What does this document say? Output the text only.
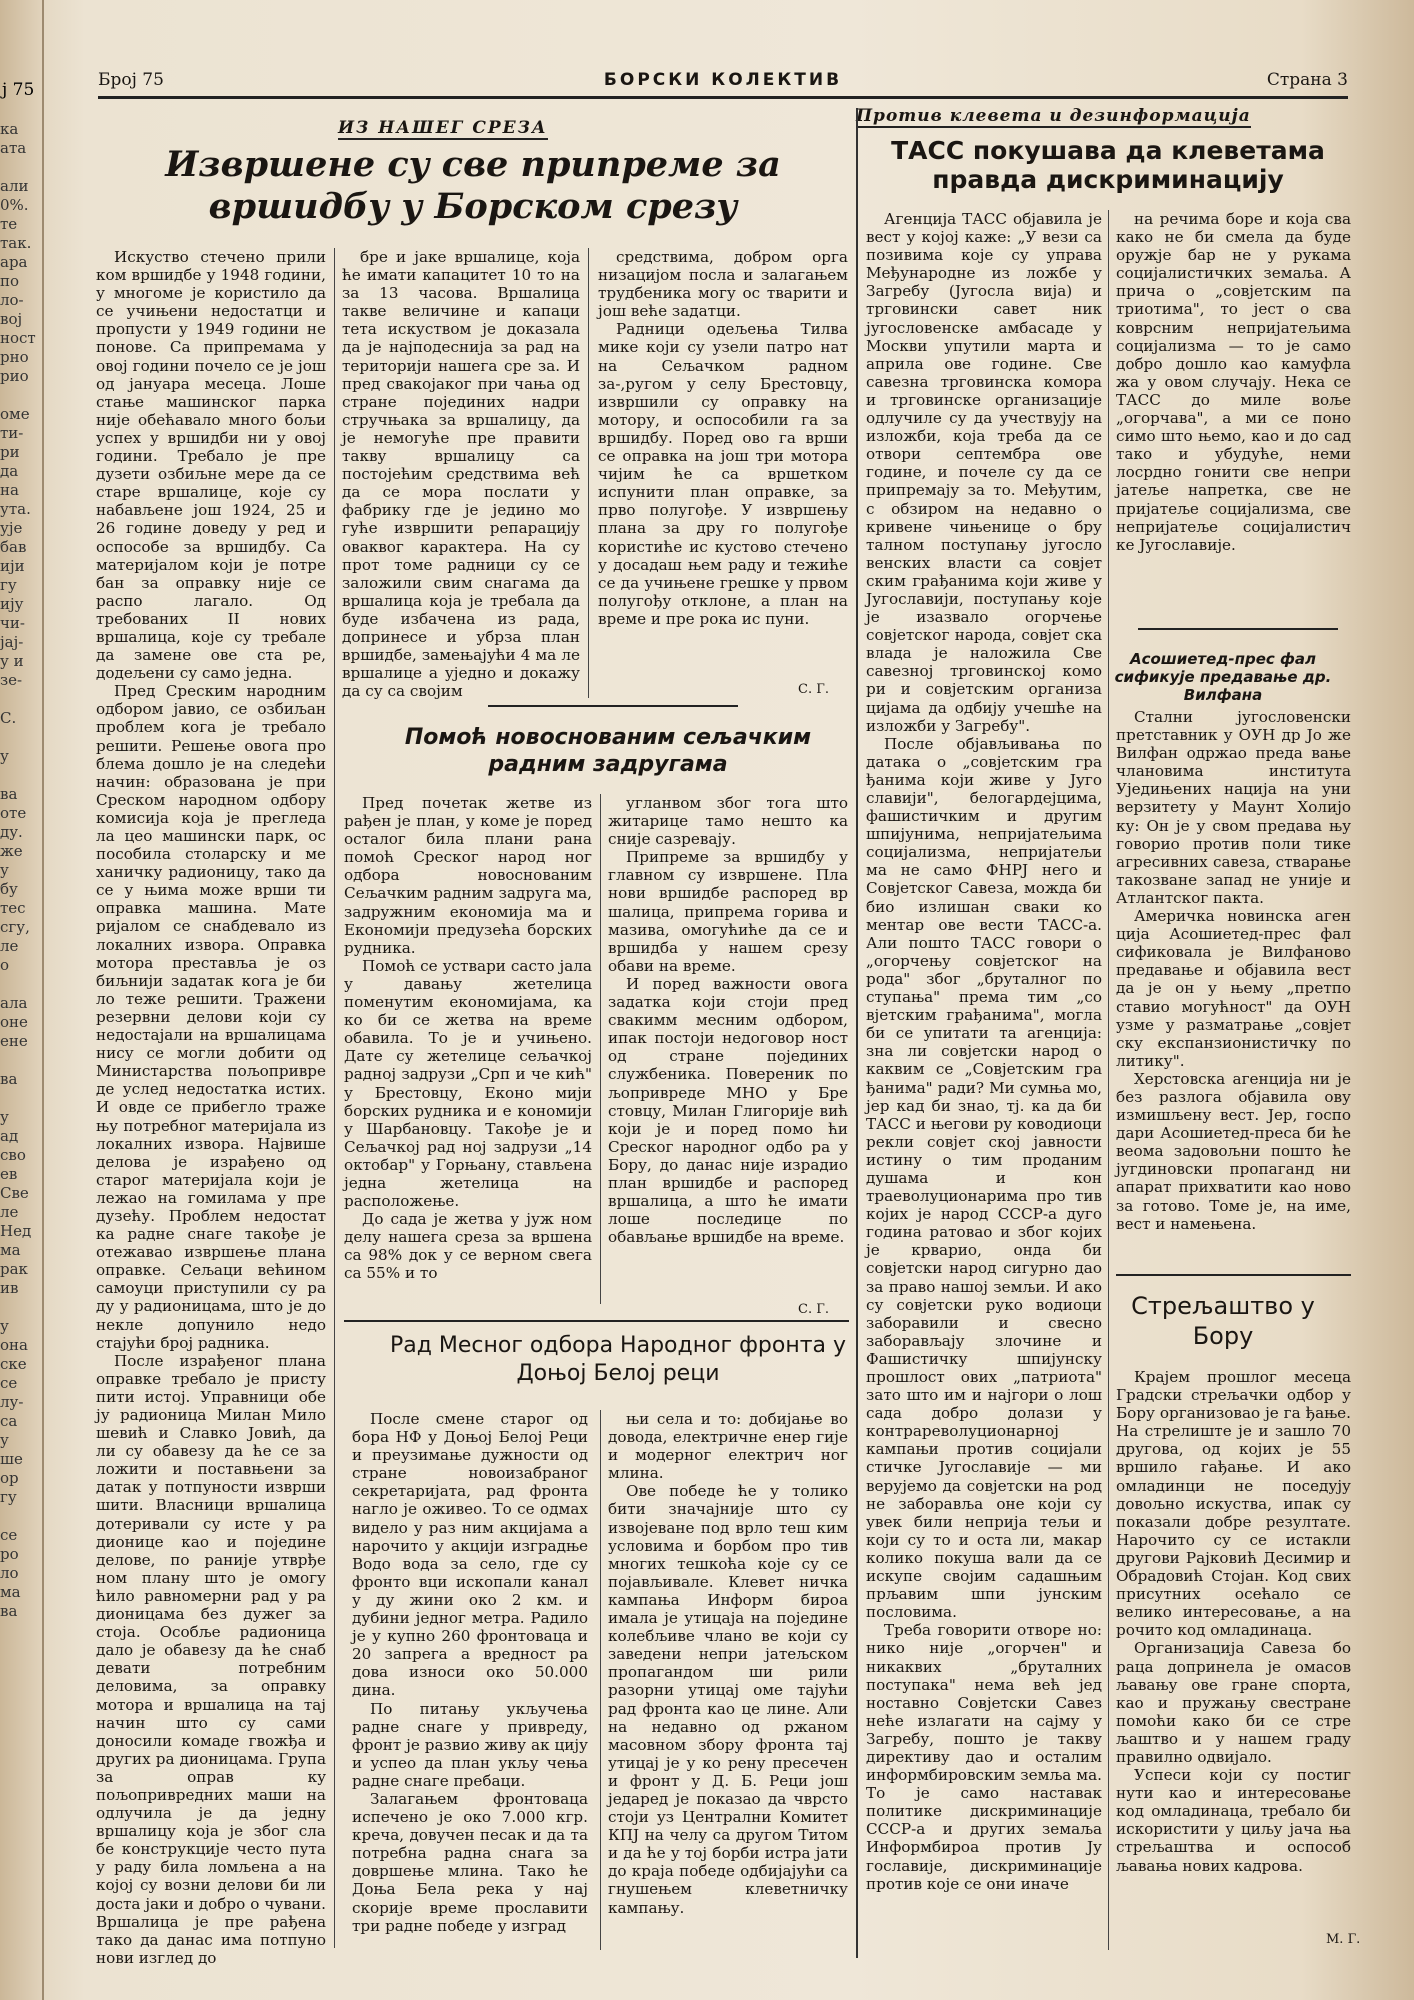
ј 75
ка
ата

али
0%.
те
так.
ара
по
ло-
вој
ност
рно
рио

оме
ти-
ри
да
на
ута.
ује
бав
ији
гу
ију
чи-
јај-
у и
зе-

С.

у

ва
оте
ду.
же
у
бу
тес
сгу,
ле
о

ала
оне
ене

ва

у
ад
сво
ев
Све
ле
Нед
ма
рак
ив

у
она
ске
се
лу-
са
у
ше
ор
гу

се
ро
ло
ма
ва
Број 75	БОРСКИ КОЛЕКТИВ	Страна 3
ИЗ НАШЕГ СРЕЗА
Против клевета и дезинформација
Извршене су све припреме за вршидбу у Борском срезу

Искуство стечено прили ком вршидбе у 1948 години, у многоме је користило да се учињени недостатци и пропусти у 1949 години не понове. Са припремама у овој години почело се је још од јануара месеца. Лоше стање машинског парка није обећавало много бољи успех у вршидби ни у овој години. Требало је пре дузети озбиљне мере да се старе вршалице, које су набављене још 1924, 25 и 26 године доведу у ред и оспособе за вршидбу. Са материјалом који је потре бан за оправку није се распо лагало. Од требованих II нових вршалица, које су требале да замене ове ста ре, додељени су само једна.

Пред Среским народним одбором јавио, се озбиљан проблем кога је требало решити. Решење овога про блема дошло је на следећи начин: образована је при Среском народном одбору комисија која је прегледа ла цео машински парк, ос пособила столарску и ме ханичку радионицу, тако да се у њима може врши ти оправка машина. Мате ријалом се снабдевало из локалних извора. Оправка мотора преставља је оз биљнији задатак кога је би ло теже решити. Тражени резервни делови који су недостајали на вршалицама нису се могли добити од Министарства пољопривре де услед недостатка истих. И овде се прибегло траже њу потребног материјала из локалних извора. Највише делова је израђено од старог материјала који је лежао на гомилама у пре дузећу. Проблем недостат ка радне снаге такође је отежавао извршење плана оправке. Сељаци већином самоуци приступили су ра ду у радионицама, што је до некле допунило недо стајући број радника.

После израђеног плана оправке требало је присту пити истој. Управници обе ју радионица Милан Мило шевић и Славко Јовић, да ли су обавезу да ће се за ложити и поставњени за датак у потпуности изврши шити. Власници вршалица дотеривали су исте у ра дионице као и поједине делове, по раније утврђе ном плану што је омогу ћило равномерни рад у ра дионицама без дужег за стоја. Особље радионица дало је обавезу да ће снаб девати потребним деловима, за оправку мотора и вршалица на тај начин што су сами доносили комаде гвожђа и других ра дионицама. Група за оправ ку пољопривредних маши на одлучила је да једну вршалицу која је због сла бе конструкције често пута у раду била ломљена а на којој су возни делови би ли доста јаки и добро о чувани. Вршалица је пре рађена тако да данас има потпуно нови изглед до

бре и јаке вршалице, која ће имати капацитет 10 то на за 13 часова. Вршалица такве величине и капаци тета искуством је доказала да је најподеснија за рад на територији нашега сре за. И пред свакојаког при чања од стране појединих надри стручњака за вршалицу, да је немогуће пре правити такву вршалицу са постојећим средствима већ да се мора послати у фабрику где је једино мо гуће извршити репарацију оваквог карактера. На су прот томе радници су се заложили свим снагама да вршалица која је требала да буде избачена из рада, допринесе и убрза план вршидбе, замењајући 4 ма ле вршалице а уједно и докажу да су са својим

средствима, добром орга низацијом посла и залагањем трудбеника могу ос тварити и још веће задатци.

Радници одељења Тилва мике који су узели патро нат на Сељачком радном за-,ругом у селу Брестовцу, извршили су оправку на мотору, и оспособили га за вршидбу. Поред ово га врши се оправка на још три мотора чијим ће са вршетком испунити план оправке, за прво полугође. У извршењу плана за дру го полугође користиће ис кустово стечено у досадаш њем раду и тежиће се да учињене грешке у првом полугођу отклоне, а план на време и пре рока ис пуни.

С. Г.
Помоћ новоснованим сељачким радним задругама

Пред почетак жетве из рађен је план, у коме је поред осталог била плани рана помоћ Среског народ ног одбора новоснованим Сељачким радним задруга ма, задружним економија ма и Економији предузећа борских рудника.

Помоћ се уствари састо јала у давању жетелица поменутим економијама, ка ко би се жетва на време обавила. То је и учињено. Дате су жетелице сељачкој радној задрузи „Срп и че кић" у Брестовцу, Еконо мији борских рудника и е кономији у Шарбановцу. Такође је и Сељачкој рад ној задрузи „14 октобар" у Горњану, стављена једна жетелица на расположење.

До сада је жетва у јуж ном делу нашега среза за вршена са 98% док у се верном свега са 55% и то

угланвом због тога што житарице тамо нешто ка сније сазревају.

Припреме за вршидбу у главном су извршене. Пла нови вршидбе распоред вр шалица, припрема горива и мазива, омогућиће да се и вршидба у нашем срезу обави на време.

И поред важности овога задатка који стоји пред свакимм месним одбором, ипак постоји недоговор ност од стране појединих службеника. Повереник по љопривреде МНО у Бре стовцу, Милан Глигорије вић који је и поред помо ћи Среског народног одбо ра у Бору, до данас није израдио план вршидбе и распоред вршалица, а што ће имати лоше последице по обављање вршидбе на време.

С. Г.
Рад Месног одбора Народног фронта у Доњој Белој реци

После смене старог од бора НФ у Доњој Белој Реци и преузимање дужности од стране новоизабраног секретаријата, рад фронта нагло је оживео. То се одмах видело у раз ним акцијама а нарочито у акцији изградње Водо вода за село, где су фронто вци ископали канал у ду жини око 2 км. и дубини једног метра. Радило је у купно 260 фронтоваца и 20 запрега а вредност ра дова износи око 50.000 дина.

По питању укључења радне снаге у привреду, фронт је развио живу ак цију и успео да план укљу чења радне снаге пребаци.

Залагањем фронтоваца испечено је око 7.000 кгр. креча, довучен песак и да та потребна радна снага за довршење млина. Тако ће Доња Бела река у нај скорије време прославити три радне победе у изград

њи села и то: добијање во довода, електричне енер гије и модерног електрич ног млина.

Ове победе ће у толико бити значајније што су извојеване под врло теш ким условима и борбом про тив многих тешкоћа које су се појављивале. Клевет ничка кампања Информ бироа имала је утицаја на поједине колебљиве члано ве који су заведени непри јатељском пропагандом ши рили разорни утицај оме тајући рад фронта као це лине. Али на недавно од ржаном масовном збору фронта тај утицај је у ко рену пресечен и фронт у Д. Б. Реци још једаред је показао да чврсто стоји уз Централни Комитет КПЈ на челу са другом Титом и да ће у тој борби истра јати до краја победе одбијајући са гнушењем клеветничку кампању.

ТАСС покушава да клеветама правда дискриминацију

Агенција ТАСС објавила је вест у којој каже: „У вези са позивима које су управа Међународне из ложбе у Загребу (Југосла вија) и трговински савет ник југословенске амбасаде у Москви упутили марта и априла ове године. Све савезна трговинска комора и трговинске организације одлучиле су да учествују на изложби, која треба да се отвори септембра ове године, и почеле су да се припремају за то. Међутим, с обзиром на недавно о кривене чињенице о бру талном поступању југосло венских власти са совјет ским грађанима који живе у Југославији, поступању које је изазвало огорчење совјетског народа, совјет ска влада је наложила Све савезној трговинској комо ри и совјетским организа цијама да одбију учешће на изложби у Загребу".

После објављивања по датака о „совјетским гра ђанима који живе у Југо славији", белогардејцима, фашистичким и другим шпијунима, непријатељима социјализма, непријатељи ма не само ФНРЈ него и Совјетског Савеза, можда би био излишан сваки ко ментар ове вести ТАСС-а. Али пошто ТАСС говори о „огорчењу совјетског на рода" због „бруталног по ступања" према тим „со вјетским грађанима", могла би се упитати та агенција: зна ли совјетски народ о каквим се „Совјетским гра ђанима" ради? Ми сумња мо, јер кад би знао, тј. ка да би ТАСС и његови ру ководиоци рекли совјет ској јавности истину о тим проданим душама и кон траеволуционарима про тив којих је народ СССР-а дуго година ратовао и због којих је крварио, онда би совјетски народ сигурно дао за право нашој земљи. И ако су совјетски руко водиоци заборавили и свесно заборављају злочине и Фашистичку шпијунску прошлост ових „патриота" зато што им и најгори о лош сада добро долази у контрареволуционарној кампањи против социјали стичке Југославије — ми верујемо да совјетски на род не заборавља оне који су увек били неприја тељи и који су то и оста ли, макар колико покуша вали да се искупе својим садашњим прљавим шпи јунским пословима.

Треба говорити отворе но: нико није „огорчен" и никаквих „бруталних поступака" нема већ јед ноставно Совјетски Савез неће излагати на сајму у Загребу, пошто је такву директиву дао и осталим информбировским земља ма. То је само наставак политике дискриминације СССР-а и других земаља Информбироа против Ју гославије, дискриминације против које се они иначе

на речима боре и која сва како не би смела да буде оружје бар не у рукама социјалистичких земаља. А прича о „совјетским па триотима", то јест о сва коврсним непријатељима социјализма — то је само добро дошло као камуфла жа у овом случају. Нека се ТАСС до миле воље „огорчава", а ми се поно симо што њемо, као и до сад тако и убудуће, неми лосрдно гонити све непри јатеље напретка, све не пријатеље социјализма, све непријатеље социјалистич ке Југославије.

Асошиетед-прес фал сификује предавање др. Вилфана

Стални југословенски претставник у ОУН др Јо же Вилфан одржао преда вање члановима института Уједињених нација на уни верзитету у Маунт Холијо ку: Он је у свом предава њу говорио против поли тике агресивних савеза, стварање такозване запад не уније и Атлантског пакта.

Америчка новинска аген ција Асошиетед-прес фал сификовала је Вилфаново предавање и објавила вест да је он у њему „претпо ставио могућност" да ОУН узме у разматрање „совјет ску експанзионистичку по литику".

Херстовска агенција ни је без разлога објавила ову измишљену вест. Јер, госпо дари Асошиетед-преса би ће веома задовољни пошто ће југдиновски пропаганд ни апарат прихватити као ново за готово. Томе је, на име, вест и намењена.

Стрељаштво у Бору

Крајем прошлог месеца Градски стрељачки одбор у Бору организовао је га ђање. На стрелиште је и зашло 70 другова, од којих је 55 вршило гађање. И ако омладинци не поседују довољно искуства, ипак су показали добре резултате. Нарочито су се истакли другови Рајковић Десимир и Обрадовић Стојан. Код свих присутних осећало се велико интересовање, а на рочито код омладинаца.

Организација Савеза бо раца допринела је омасов љавању ове гране спорта, као и пружању свестране помоћи како би се стре љаштво и у нашем граду правилно одвијало.

Успеси који су постиг нути као и интересовање код омладинаца, требало би искористити у циљу јача ња стрељаштва и оспособ љавања нових кадрова.

М. Г.
